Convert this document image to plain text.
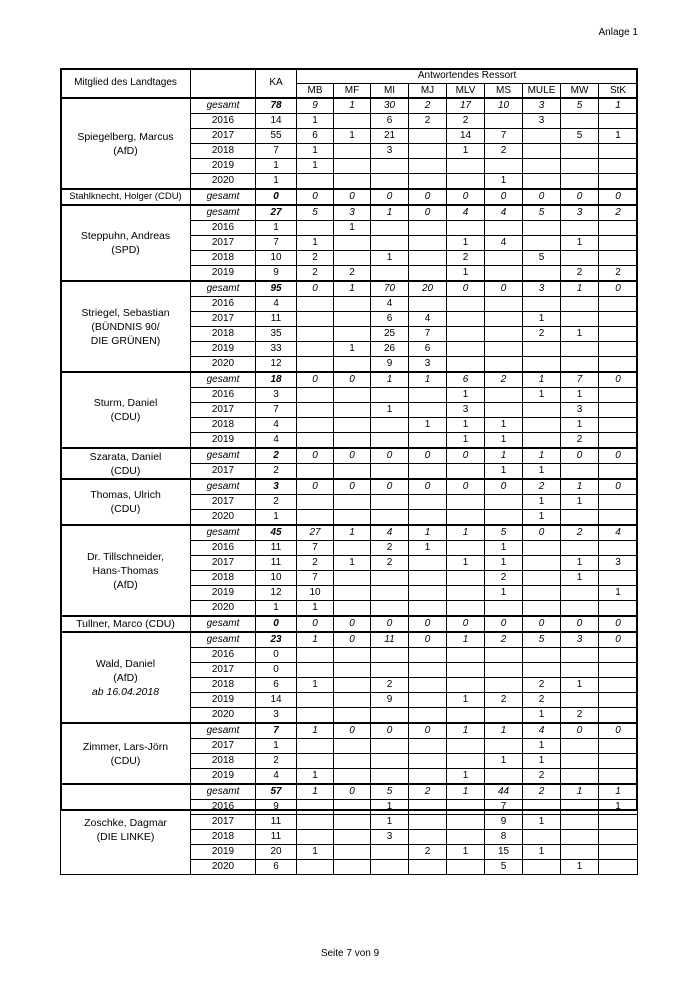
Anlage 1
Mitglied des Landtages		KA	Antwortendes Ressort								
			MB	MF	MI	MJ	MLV	MS	MULE	MW	StK

Spiegelberg, Marcus
(AfD)	gesamt	78	9	1	30	2	17	10	3	5	1
	2016	14	1		6	2	2		3		
	2017	55	6	1	21		14	7		5	1
	2018	7	1		3		1	2			
	2019	1	1								
	2020	1						1			

Stahlknecht, Holger (CDU)	gesamt	0	0	0	0	0	0	0	0	0	0

Steppuhn, Andreas
(SPD)	gesamt	27	5	3	1	0	4	4	5	3	2
	2016	1		1							
	2017	7	1				1	4		1	
	2018	10	2		1		2		5		
	2019	9	2	2			1			2	2

Striegel, Sebastian
(BÜNDNIS 90/
DIE GRÜNEN)	gesamt	95	0	1	70	20	0	0	3	1	0
	2016	4			4						
	2017	11			6	4			1		
	2018	35			25	7			2	1	
	2019	33		1	26	6					
	2020	12			9	3					

Sturm, Daniel
(CDU)	gesamt	18	0	0	1	1	6	2	1	7	0
	2016	3					1		1	1	
	2017	7			1		3			3	
	2018	4				1	1	1		1	
	2019	4					1	1		2	

Szarata, Daniel
(CDU)	gesamt	2	0	0	0	0	0	1	1	0	0
	2017	2						1	1		

Thomas, Ulrich
(CDU)	gesamt	3	0	0	0	0	0	0	2	1	0
	2017	2							1	1	
	2020	1							1		

Dr. Tillschneider,
Hans-Thomas
(AfD)	gesamt	45	27	1	4	1	1	5	0	2	4
	2016	11	7		2	1		1			
	2017	11	2	1	2		1	1		1	3
	2018	10	7					2		1	
	2019	12	10					1			1
	2020	1	1								

Tullner, Marco (CDU)	gesamt	0	0	0	0	0	0	0	0	0	0

Wald, Daniel
(AfD)
ab 16.04.2018	gesamt	23	1	0	11	0	1	2	5	3	0
	2016	0									
	2017	0									
	2018	6	1		2				2	1	
	2019	14			9		1	2	2		
	2020	3							1	2	

Zimmer, Lars-Jörn
(CDU)	gesamt	7	1	0	0	0	1	1	4	0	0
	2017	1							1		
	2018	2						1	1		
	2019	4	1				1		2		

Zoschke, Dagmar
(DIE LINKE)	gesamt	57	1	0	5	2	1	44	2	1	1
	2016	9			1			7			1
	2017	11			1			9	1		
	2018	11			3			8			
	2019	20	1			2	1	15	1		
	2020	6						5		1	
Seite 7 von 9
